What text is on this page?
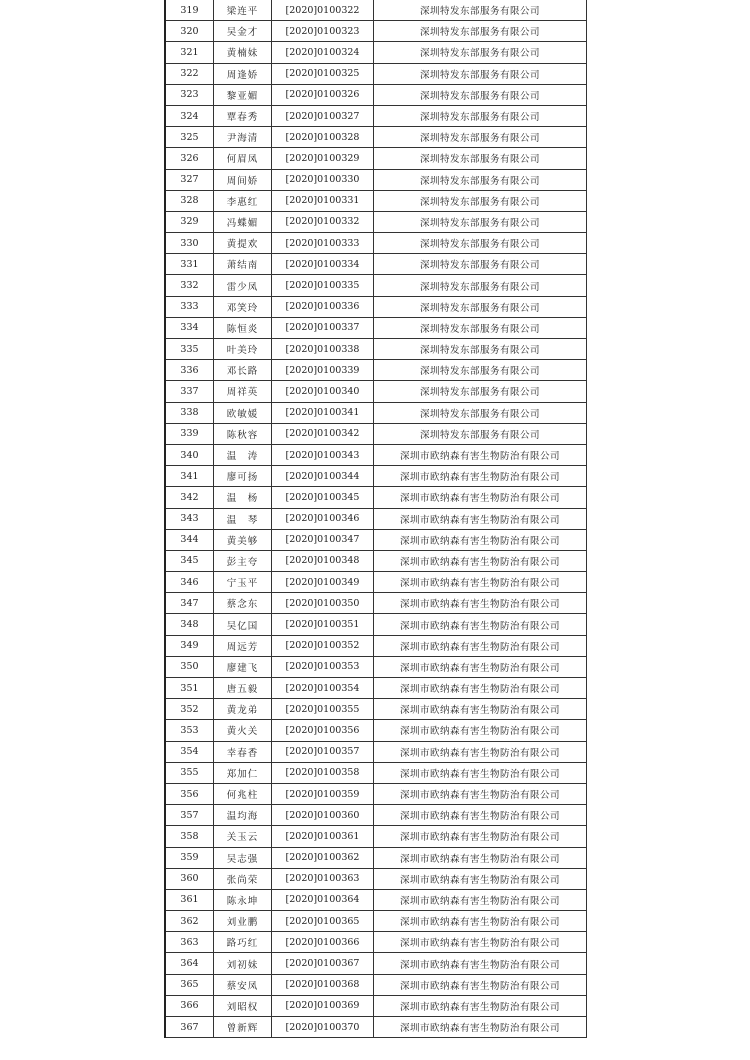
319	梁连平	[2020]0100322	深圳特发东部服务有限公司
320	吴金才	[2020]0100323	深圳特发东部服务有限公司
321	黄楠妹	[2020]0100324	深圳特发东部服务有限公司
322	周逢娇	[2020]0100325	深圳特发东部服务有限公司
323	黎亚媚	[2020]0100326	深圳特发东部服务有限公司
324	覃春秀	[2020]0100327	深圳特发东部服务有限公司
325	尹海清	[2020]0100328	深圳特发东部服务有限公司
326	何眉凤	[2020]0100329	深圳特发东部服务有限公司
327	周间娇	[2020]0100330	深圳特发东部服务有限公司
328	李惠红	[2020]0100331	深圳特发东部服务有限公司
329	冯蝶媚	[2020]0100332	深圳特发东部服务有限公司
330	黄提欢	[2020]0100333	深圳特发东部服务有限公司
331	萧结南	[2020]0100334	深圳特发东部服务有限公司
332	雷少凤	[2020]0100335	深圳特发东部服务有限公司
333	邓笑玲	[2020]0100336	深圳特发东部服务有限公司
334	陈恒炎	[2020]0100337	深圳特发东部服务有限公司
335	叶美玲	[2020]0100338	深圳特发东部服务有限公司
336	邓长路	[2020]0100339	深圳特发东部服务有限公司
337	周祥英	[2020]0100340	深圳特发东部服务有限公司
338	欧敏媛	[2020]0100341	深圳特发东部服务有限公司
339	陈秋容	[2020]0100342	深圳特发东部服务有限公司
340	温　涛	[2020]0100343	深圳市欧纳森有害生物防治有限公司
341	廖可扬	[2020]0100344	深圳市欧纳森有害生物防治有限公司
342	温　杨	[2020]0100345	深圳市欧纳森有害生物防治有限公司
343	温　琴	[2020]0100346	深圳市欧纳森有害生物防治有限公司
344	黄美够	[2020]0100347	深圳市欧纳森有害生物防治有限公司
345	彭主夸	[2020]0100348	深圳市欧纳森有害生物防治有限公司
346	宁玉平	[2020]0100349	深圳市欧纳森有害生物防治有限公司
347	蔡念东	[2020]0100350	深圳市欧纳森有害生物防治有限公司
348	吴亿国	[2020]0100351	深圳市欧纳森有害生物防治有限公司
349	周远芳	[2020]0100352	深圳市欧纳森有害生物防治有限公司
350	廖建飞	[2020]0100353	深圳市欧纳森有害生物防治有限公司
351	唐五毅	[2020]0100354	深圳市欧纳森有害生物防治有限公司
352	黄龙弟	[2020]0100355	深圳市欧纳森有害生物防治有限公司
353	黄火关	[2020]0100356	深圳市欧纳森有害生物防治有限公司
354	幸春香	[2020]0100357	深圳市欧纳森有害生物防治有限公司
355	郑加仁	[2020]0100358	深圳市欧纳森有害生物防治有限公司
356	何兆柱	[2020]0100359	深圳市欧纳森有害生物防治有限公司
357	温均海	[2020]0100360	深圳市欧纳森有害生物防治有限公司
358	关玉云	[2020]0100361	深圳市欧纳森有害生物防治有限公司
359	吴志强	[2020]0100362	深圳市欧纳森有害生物防治有限公司
360	张尚荣	[2020]0100363	深圳市欧纳森有害生物防治有限公司
361	陈永坤	[2020]0100364	深圳市欧纳森有害生物防治有限公司
362	刘业鹏	[2020]0100365	深圳市欧纳森有害生物防治有限公司
363	路巧红	[2020]0100366	深圳市欧纳森有害生物防治有限公司
364	刘初妹	[2020]0100367	深圳市欧纳森有害生物防治有限公司
365	蔡安凤	[2020]0100368	深圳市欧纳森有害生物防治有限公司
366	刘昭权	[2020]0100369	深圳市欧纳森有害生物防治有限公司
367	曾新辉	[2020]0100370	深圳市欧纳森有害生物防治有限公司
